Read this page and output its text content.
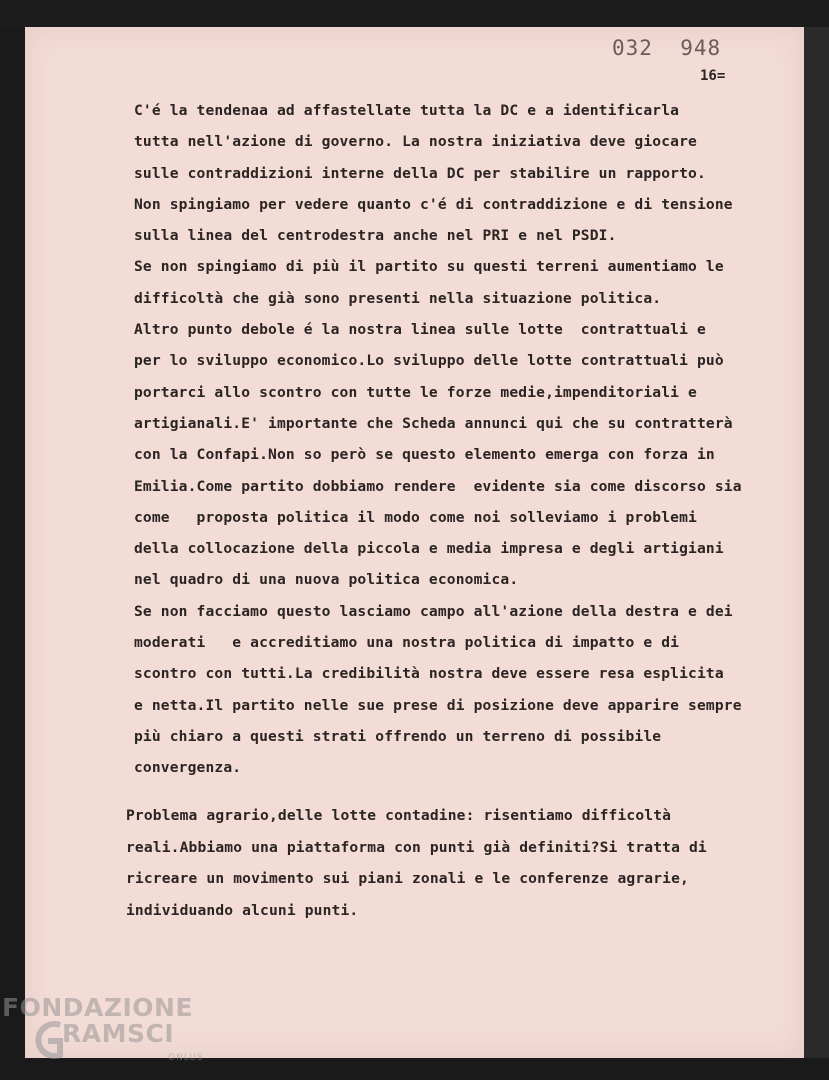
032  948
16=
C'é la tendenaa ad affastellate tutta la DC e a identificarla
tutta nell'azione di governo. La nostra iniziativa deve giocare
sulle contraddizioni interne della DC per stabilire un rapporto.
Non spingiamo per vedere quanto c'é di contraddizione e di tensione
sulla linea del centrodestra anche nel PRI e nel PSDI.
Se non spingiamo di più il partito su questi terreni aumentiamo le
difficoltà che già sono presenti nella situazione politica.
Altro punto debole é la nostra linea sulle lotte  contrattuali e
per lo sviluppo economico.Lo sviluppo delle lotte contrattuali può
portarci allo scontro con tutte le forze medie,impenditoriali e
artigianali.E' importante che Scheda annunci qui che su contratterà
con la Confapi.Non so però se questo elemento emerga con forza in
Emilia.Come partito dobbiamo rendere  evidente sia come discorso sia
come   proposta politica il modo come noi solleviamo i problemi
della collocazione della piccola e media impresa e degli artigiani
nel quadro di una nuova politica economica.
Se non facciamo questo lasciamo campo all'azione della destra e dei
moderati   e accreditiamo una nostra politica di impatto e di
scontro con tutti.La credibilità nostra deve essere resa esplicita
e netta.Il partito nelle sue prese di posizione deve apparire sempre
più chiaro a questi strati offrendo un terreno di possibile
convergenza.
Problema agrario,delle lotte contadine: risentiamo difficoltà
reali.Abbiamo una piattaforma con punti già definiti?Si tratta di
ricreare un movimento sui piani zonali e le conferenze agrarie,
individuando alcuni punti.
FONDAZIONE
RAMSCI
ONLUS
